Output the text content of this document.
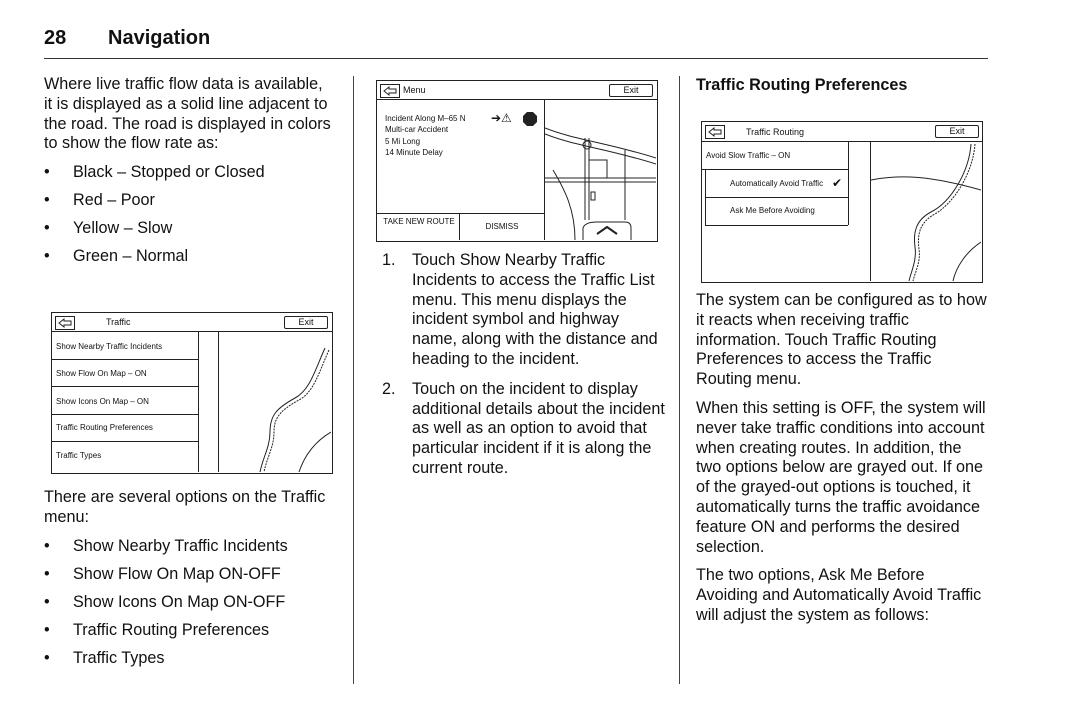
28 Navigation

Where live traffic flow data is available, it is displayed as a solid line adjacent to the road. The road is displayed in colors to show the flow rate as:

• Black – Stopped or Closed
• Red – Poor
• Yellow – Slow
• Green – Normal
Traffic	Exit
Show Nearby Traffic Incidents
Show Flow On Map – ON
Show Icons On Map – ON
Traffic Routing Preferences
Traffic Types

There are several options on the Traffic menu:

• Show Nearby Traffic Incidents
• Show Flow On Map ON-OFF
• Show Icons On Map ON-OFF
• Traffic Routing Preferences
• Traffic Types
Menu	Exit
Incident Along M–65 N
Multi-car Accident
5 Mi Long
14 Minute Delay
➔⚠
TAKE NEW ROUTE
DISMISS
1. Touch Show Nearby Traffic Incidents to access the Traffic List menu. This menu displays the incident symbol and highway name, along with the distance and heading to the incident.
2. Touch on the incident to display additional details about the incident as well as an option to avoid that particular incident if it is along the current route.
Traffic Routing Preferences
Traffic Routing	Exit
Avoid Slow Traffic – ON
Automatically Avoid Traffic ✔
Ask Me Before Avoiding

The system can be configured as to how it reacts when receiving traffic information. Touch Traffic Routing Preferences to access the Traffic Routing menu.

When this setting is OFF, the system will never take traffic conditions into account when creating routes. In addition, the two options below are grayed out. If one of the grayed-out options is touched, it automatically turns the traffic avoidance feature ON and performs the desired selection.

The two options, Ask Me Before Avoiding and Automatically Avoid Traffic will adjust the system as follows:
